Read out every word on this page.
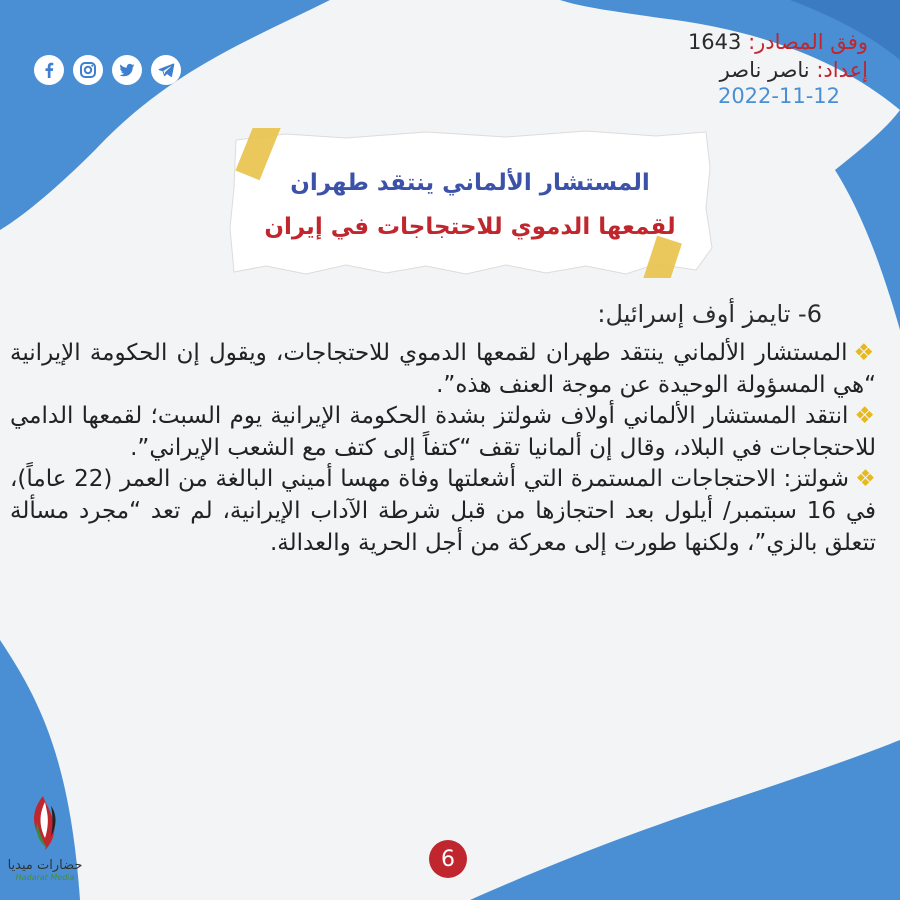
وفق المصادر: 1643
إعداد: ناصر ناصر
2022-11-12
المستشار الألماني ينتقد طهران
لقمعها الدموي للاحتجاجات في إيران
6- تايمز أوف إسرائيل:

❖المستشار الألماني ينتقد طهران لقمعها الدموي للاحتجاجات، ويقول إن الحكومة الإيرانية “هي المسؤولة الوحيدة عن موجة العنف هذه”.

❖انتقد المستشار الألماني أولاف شولتز بشدة الحكومة الإيرانية يوم السبت؛ لقمعها الدامي للاحتجاجات في البلاد، وقال إن ألمانيا تقف “كتفاً إلى كتف مع الشعب الإيراني”.

❖شولتز: الاحتجاجات المستمرة التي أشعلتها وفاة مهسا أميني البالغة من العمر (22 عاماً)، في 16 سبتمبر/ أيلول بعد احتجازها من قبل شرطة الآداب الإيرانية، لم تعد “مجرد مسألة تتعلق بالزي”، ولكنها طورت إلى معركة من أجل الحرية والعدالة.

حضارات ميديا
Hadarat Media
6
